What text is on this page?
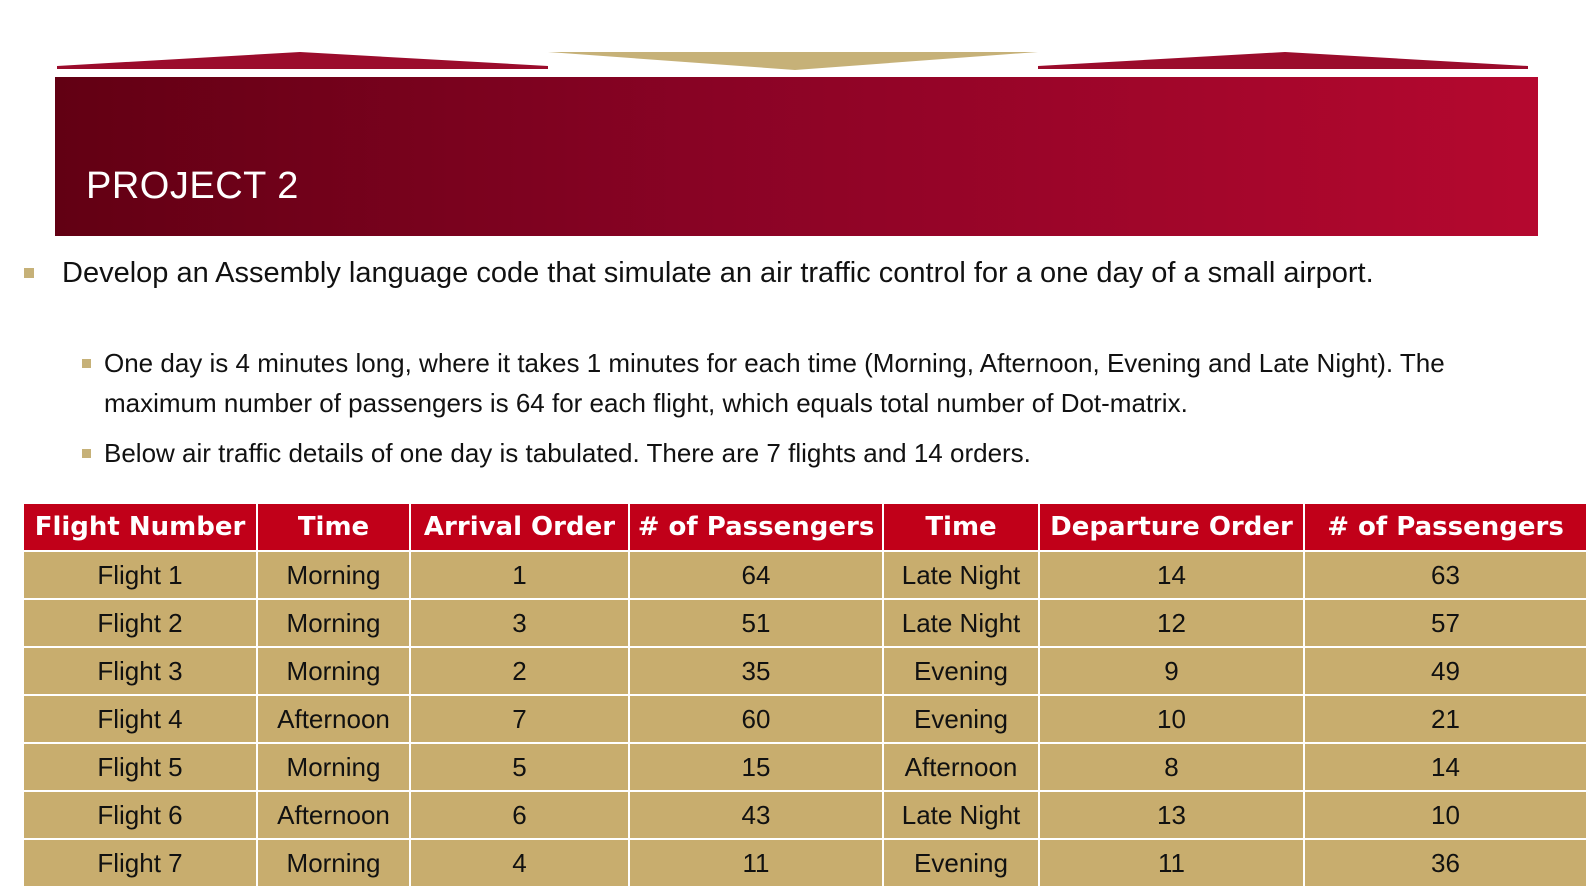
PROJECT 2
Develop an Assembly language code that simulate an air traffic control for a one day of a small airport.
One day is 4 minutes long, where it takes 1 minutes for each time (Morning, Afternoon, Evening and Late Night). The maximum number of passengers is 64 for each flight, which equals total number of Dot-matrix.
Below air traffic details of one day is tabulated. There are 7 flights and 14 orders.
Flight Number	Time	Arrival Order	# of Passengers	Time	Departure Order	# of Passengers
Flight 1	Morning	1	64	Late Night	14	63
Flight 2	Morning	3	51	Late Night	12	57
Flight 3	Morning	2	35	Evening	9	49
Flight 4	Afternoon	7	60	Evening	10	21
Flight 5	Morning	5	15	Afternoon	8	14
Flight 6	Afternoon	6	43	Late Night	13	10
Flight 7	Morning	4	11	Evening	11	36
